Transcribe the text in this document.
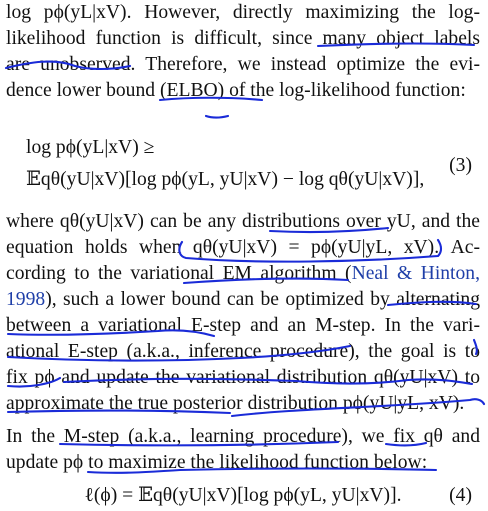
log pϕ(yL|xV). However, directly maximizing the log-
likelihood function is difficult, since many object labels
are unobserved. Therefore, we instead optimize the evi-
dence lower bound (ELBO) of the log-likelihood function:
log pϕ(yL|xV) ≥
𝔼qθ(yU|xV)[log pϕ(yL, yU|xV) − log qθ(yU|xV)],
(3)
where qθ(yU|xV) can be any distributions over yU, and the
equation holds when qθ(yU|xV) = pϕ(yU|yL, xV). Ac-
cording to the variational EM algorithm (Neal & Hinton,
1998), such a lower bound can be optimized by alternating
between a variational E-step and an M-step. In the vari-
ational E-step (a.k.a., inference procedure), the goal is to
fix pϕ and update the variational distribution qθ(yU|xV) to
approximate the true posterior distribution pϕ(yU|yL, xV).
In the M-step (a.k.a., learning procedure), we fix qθ and
update pϕ to maximize the likelihood function below:
ℓ(ϕ) = 𝔼qθ(yU|xV)[log pϕ(yL, yU|xV)].	(4)
